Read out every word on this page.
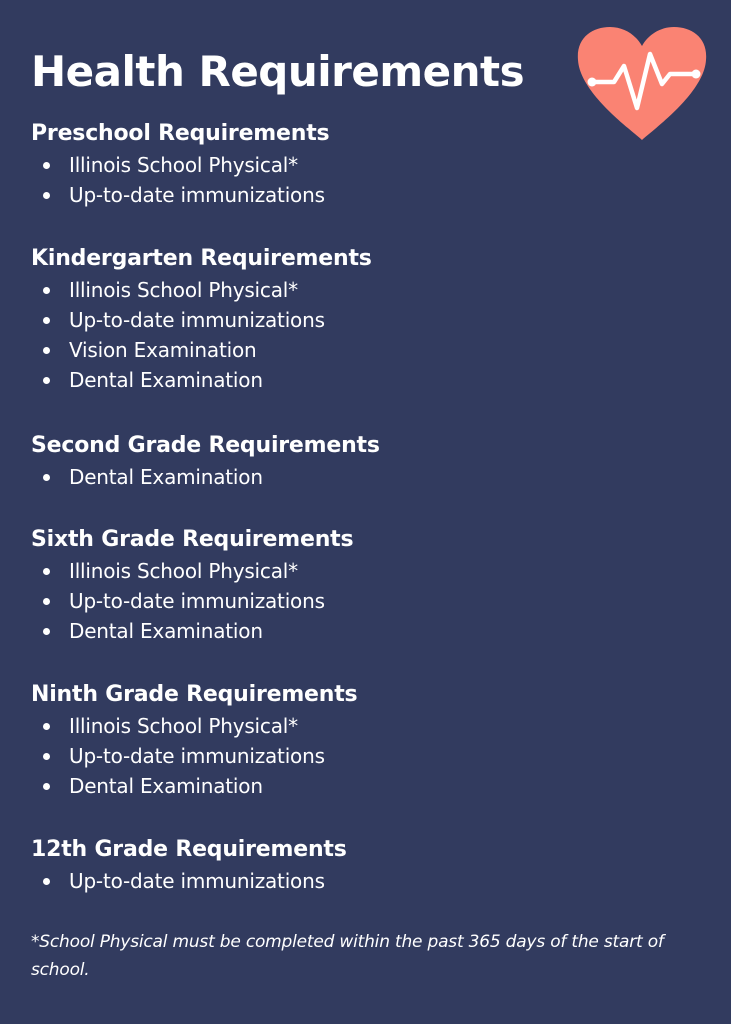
Health Requirements
Preschool Requirements
Illinois School Physical*
Up-to-date immunizations
Kindergarten Requirements
Illinois School Physical*
Up-to-date immunizations
Vision Examination
Dental Examination
Second Grade Requirements
Dental Examination
Sixth Grade Requirements
Illinois School Physical*
Up-to-date immunizations
Dental Examination
Ninth Grade Requirements
Illinois School Physical*
Up-to-date immunizations
Dental Examination
12th Grade Requirements
Up-to-date immunizations

*School Physical must be completed within the past 365 days of the start of school.
